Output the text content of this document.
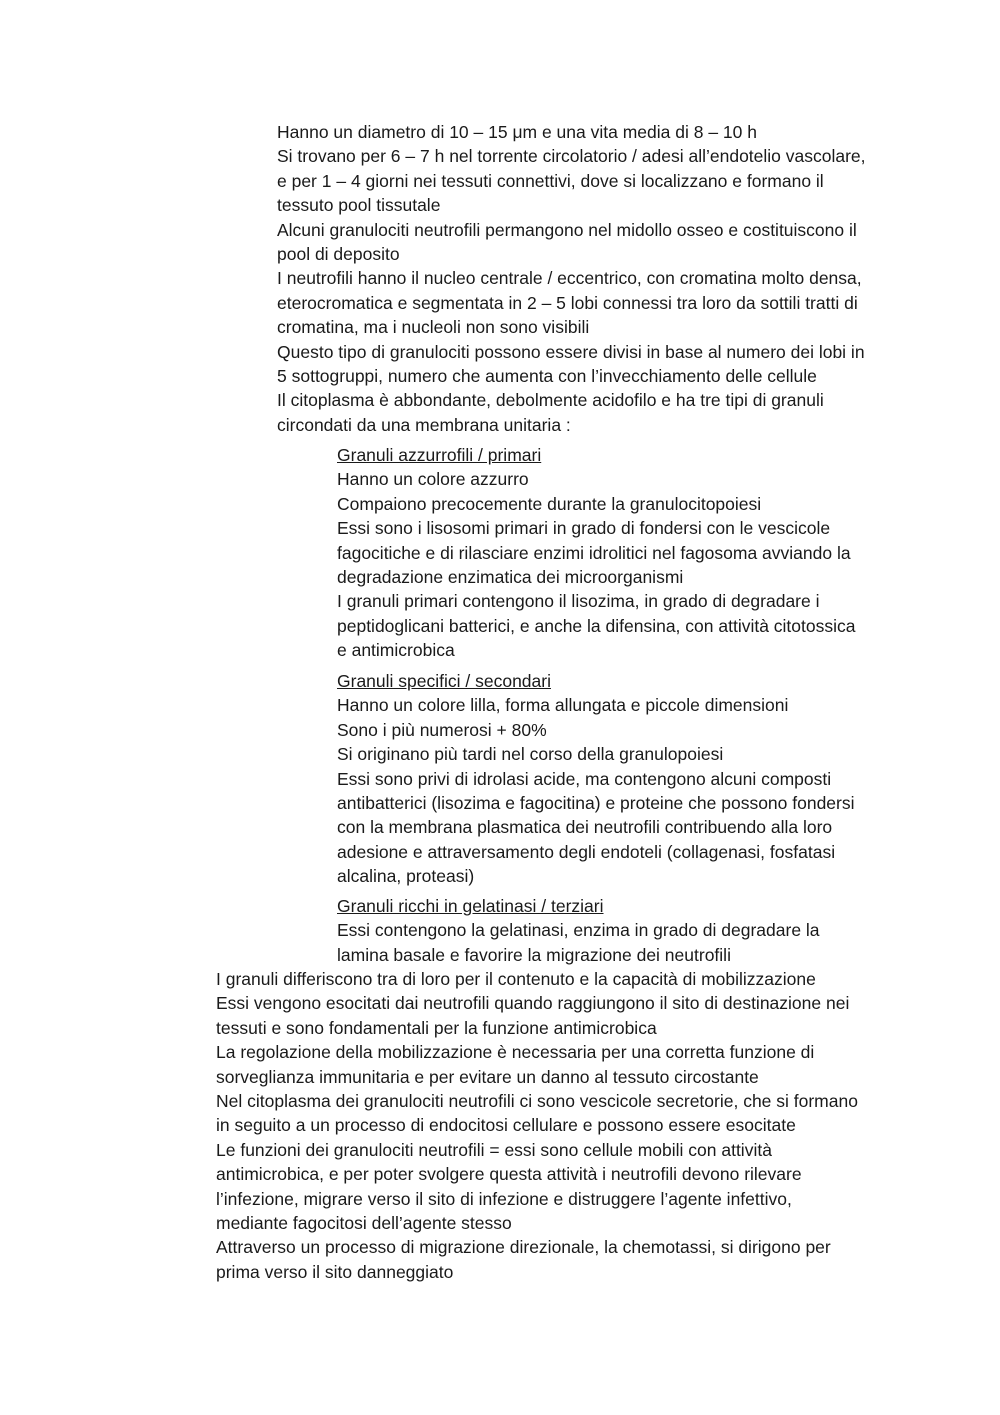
Hanno un diametro di 10 – 15 μm e una vita media di 8 – 10 h

Si trovano per 6 – 7 h nel torrente circolatorio / adesi all’endotelio vascolare,

e per 1 – 4 giorni nei tessuti connettivi, dove si localizzano e formano il

tessuto pool tissutale

Alcuni granulociti neutrofili permangono nel midollo osseo e costituiscono il

pool di deposito

I neutrofili hanno il nucleo centrale / eccentrico, con cromatina molto densa,

eterocromatica e segmentata in 2 – 5 lobi connessi tra loro da sottili tratti di

cromatina, ma i nucleoli non sono visibili

Questo tipo di granulociti possono essere divisi in base al numero dei lobi in

5 sottogruppi, numero che aumenta con l’invecchiamento delle cellule

Il citoplasma è abbondante, debolmente acidofilo e ha tre tipi di granuli

circondati da una membrana unitaria :

Granuli azzurrofili / primari

Hanno un colore azzurro

Compaiono precocemente durante la granulocitopoiesi

Essi sono i lisosomi primari in grado di fondersi con le vescicole

fagocitiche e di rilasciare enzimi idrolitici nel fagosoma avviando la

degradazione enzimatica dei microorganismi

I granuli primari contengono il lisozima, in grado di degradare i

peptidoglicani batterici, e anche la difensina, con attività citotossica

e antimicrobica

Granuli specifici / secondari

Hanno un colore lilla, forma allungata e piccole dimensioni

Sono i più numerosi + 80%

Si originano più tardi nel corso della granulopoiesi

Essi sono privi di idrolasi acide, ma contengono alcuni composti

antibatterici (lisozima e fagocitina) e proteine che possono fondersi

con la membrana plasmatica dei neutrofili contribuendo alla loro

adesione e attraversamento degli endoteli (collagenasi, fosfatasi

alcalina, proteasi)

Granuli ricchi in gelatinasi / terziari

Essi contengono la gelatinasi, enzima in grado di degradare la

lamina basale e favorire la migrazione dei neutrofili

I granuli differiscono tra di loro per il contenuto e la capacità di mobilizzazione

Essi vengono esocitati dai neutrofili quando raggiungono il sito di destinazione nei

tessuti e sono fondamentali per la funzione antimicrobica

La regolazione della mobilizzazione è necessaria per una corretta funzione di

sorveglianza immunitaria e per evitare un danno al tessuto circostante

Nel citoplasma dei granulociti neutrofili ci sono vescicole secretorie, che si formano

in seguito a un processo di endocitosi cellulare e possono essere esocitate

Le funzioni dei granulociti neutrofili = essi sono cellule mobili con attività

antimicrobica, e per poter svolgere questa attività i neutrofili devono rilevare

l’infezione, migrare verso il sito di infezione e distruggere l’agente infettivo,

mediante fagocitosi dell’agente stesso

Attraverso un processo di migrazione direzionale, la chemotassi, si dirigono per

prima verso il sito danneggiato
